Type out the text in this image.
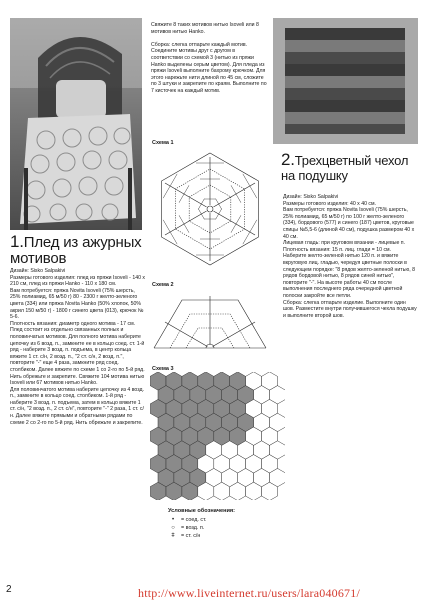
Свяжите 8 таких мотивов нитью Isoveli или 8 мотивов нитью Hanko.

Сборка: слегка отпарьте каждый мотив. Соедините мотивы друг с другом в соответствии со схемой 3 (нитью из пряжи Hanko выделены серым цветом). Для пледа из пряжи Isoveli выполните бахрому крючком. Для этого нарежьте нити длиной по 45 см, сложите по 3 штуки и закрепите по краям. Выполните по 7 кисточек на каждый мотив.
1.Плед из ажурных мотивов
Дизайн: Sisko Salpakivi
Размеры готового изделия: плед из пряжи Isoveli - 140 x 210 см, плед из пряжи Hanko - 110 x 180 см.
Вам потребуется: пряжа Novita Isoveli (75% шерсть, 25% полиамид, 65 м/50 г) 80 - 2300 г желто-зеленого цвета (334) или пряжа Novita Hanko (50% хлопок, 50% акрил 150 м/50 г) - 1800 г синего цвета (013), крючок № 5-6.
Плотность вязания: диаметр одного мотива - 17 см.
Плед состоит из отдельно связанных полных и половинчатых мотивов. Для полного мотива наберите цепочку из 6 возд. п., замкните ее в кольцо соед. ст. 1-й ряд - наберите 3 возд. п. подъема, в центр кольца вяжите 1 ст. с/н, 2 возд. п., "2 ст. с/н, 2 возд. п.", повторите "-" еще 4 раза, замкните ряд соед. столбиком. Далее вяжите по схеме 1 со 2-го по 5-й ряд. Нить обрежьте и закрепите. Свяжите 104 мотива нитью Isoveli или 67 мотивов нитью Hanko.
Для половинчатого мотива наберите цепочку из 4 возд. п., замкните в кольцо соед. столбиком. 1-й ряд - наберите 3 возд. п. подъема, затем в кольцо вяжите 1 ст. с/н, "2 возд. п., 2 ст. с/н", повторите "-" 2 раза, 1 ст. с/н. Далее вяжите прямыми и обратными рядами по схеме 2 со 2-го по 5-й ряд. Нить обрежьте и закрепите.
Схема 1
Схема 2
Схема 3
2.Трехцветный чехол на подушку
Дизайн: Sisko Salpakivi
Размеры готового изделия: 40 x 40 см.
Вам потребуется: пряжа Novita Isoveli (75% шерсть, 25% полиамид, 65 м/50 г) по 100 г желто-зеленого (334), бордового (577) и синего (187) цветов, круговые спицы №5,5-6 (длиной 40 см), подушка размером 40 x 40 см.
Лицевая гладь: при круговом вязании - лицевые п.
Плотность вязания: 15 п. лиц. глади = 10 см.
Наберите желто-зеленой нитью 120 п. и вяжите вкруговую лиц. гладью, чередуя цветные полоски в следующем порядке: "8 рядов желто-зеленой нитью, 8 рядов бордовой нитью, 8 рядов синей нитью", повторите "-". На высоте работы 40 см после выполнения последнего ряда очередной цветной полоски закройте все петли.
Сборка: слегка отпарьте изделие. Выполните один шов. Разместите внутри получившегося чехла подушку и выполните второй шов.
Условные обозначения:
•	= соед. ст.
○	= возд. п.
ǂ	= ст. с/н
2	http://www.liveinternet.ru/users/lara040671/
